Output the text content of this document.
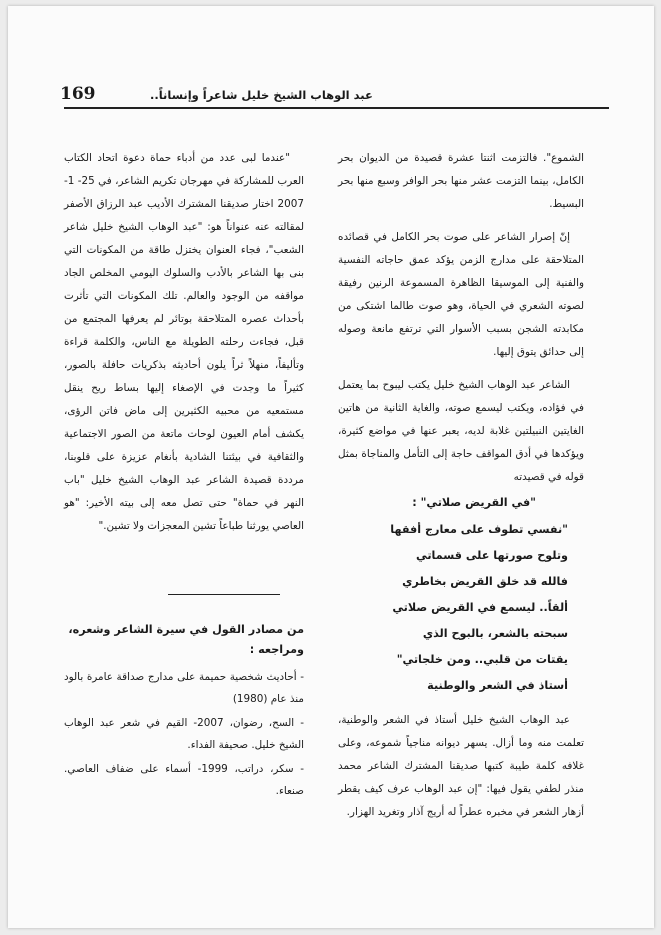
169	عبد الوهاب الشيخ خليل شاعراً وإنساناً..

الشموع". فالتزمت اثنتا عشرة قصيدة من الديوان بحر الكامل، بينما التزمت عشر منها بحر الوافر وسبع منها بحر البسيط.

إنّ إصرار الشاعر على صوت بحر الكامل في قصائده المتلاحقة على مدارج الزمن يؤكد عمق حاجاته النفسية والفنية إلى الموسيقا الظاهرة المسموعة الرنين رفيقة لصوته الشعري في الحياة، وهو صوت طالما اشتكى من مكابدته الشجن بسبب الأسوار التي ترتفع مانعة وصوله إلى حدائق يتوق إليها.

الشاعر عبد الوهاب الشيخ خليل يكتب ليبوح بما يعتمل في فؤاده، ويكتب ليسمع صوته، والغاية الثانية من هاتين الغايتين النبيلتين غلابة لديه، يعبر عنها في مواضع كثيرة، ويؤكدها في أدق المواقف حاجة إلى التأمل والمناجاة بمثل قوله في قصيدته

"في القريض صلاتي" :
"نفسي تطوف على معارج أفقها
وتلوح صورتها على قسماتي
فالله قد خلق القريض بخاطري
ألقاً.. ليسمع في القريض صلاتي
سبحته بالشعر، بالبوح الذي
يقتات من قلبي.. ومن خلجاتي"
أستاذ في الشعر والوطنية

عبد الوهاب الشيخ خليل أستاذ في الشعر والوطنية، تعلمت منه وما أزال. يسهر ديوانه مناجياً شموعه، وعلى غلافه كلمة طيبة كتبها صديقنا المشترك الشاعر محمد منذر لطفي يقول فيها: "إن عبد الوهاب عرف كيف يقطر أزهار الشعر في مخبره عطراً له أريج آذار وتغريد الهزار.

"عندما لبى عدد من أدباء حماة دعوة اتحاد الكتاب العرب للمشاركة في مهرجان تكريم الشاعر، في 25- 1- 2007 اختار صديقنا المشترك الأديب عبد الرزاق الأصفر لمقالته عنه عنواناً هو: "عبد الوهاب الشيخ خليل شاعر الشعب"، فجاء العنوان يختزل طاقة من المكونات التي بنى بها الشاعر بالأدب والسلوك اليومي المخلص الجاد مواقفه من الوجود والعالم. تلك المكونات التي تأثرت بأحداث عصره المتلاحقة بوتائر لم يعرفها المجتمع من قبل، فجاءت رحلته الطويلة مع الناس، والكلمة قراءة وتأليفاً، منهلاً ثراً يلون أحاديثه بذكريات حافلة بالصور، كثيراً ما وجدت في الإصغاء إليها بساط ريح ينقل مستمعيه من محبيه الكثيرين إلى ماض فاتن الرؤى، يكشف أمام العيون لوحات ماتعة من الصور الاجتماعية والثقافية في بيئتنا الشادية بأنغام عزيزة على قلوبنا، مرددة قصيدة الشاعر عبد الوهاب الشيخ خليل "باب النهر في حماة" حتى تصل معه إلى بيته الأخير: "هو العاصي يورثنا طباعاً تشين المعجزات ولا تشين."

من مصادر القول في سيرة الشاعر وشعره، ومراجعه :
- أحاديث شخصية حميمة على مدارج صداقة عامرة بالود منذ عام (1980)
- السح، رضوان، 2007- القيم في شعر عبد الوهاب الشيخ خليل. صحيفة الفداء.
- سكر، دراتب، 1999- أسماء على ضفاف العاصي. صنعاء.
